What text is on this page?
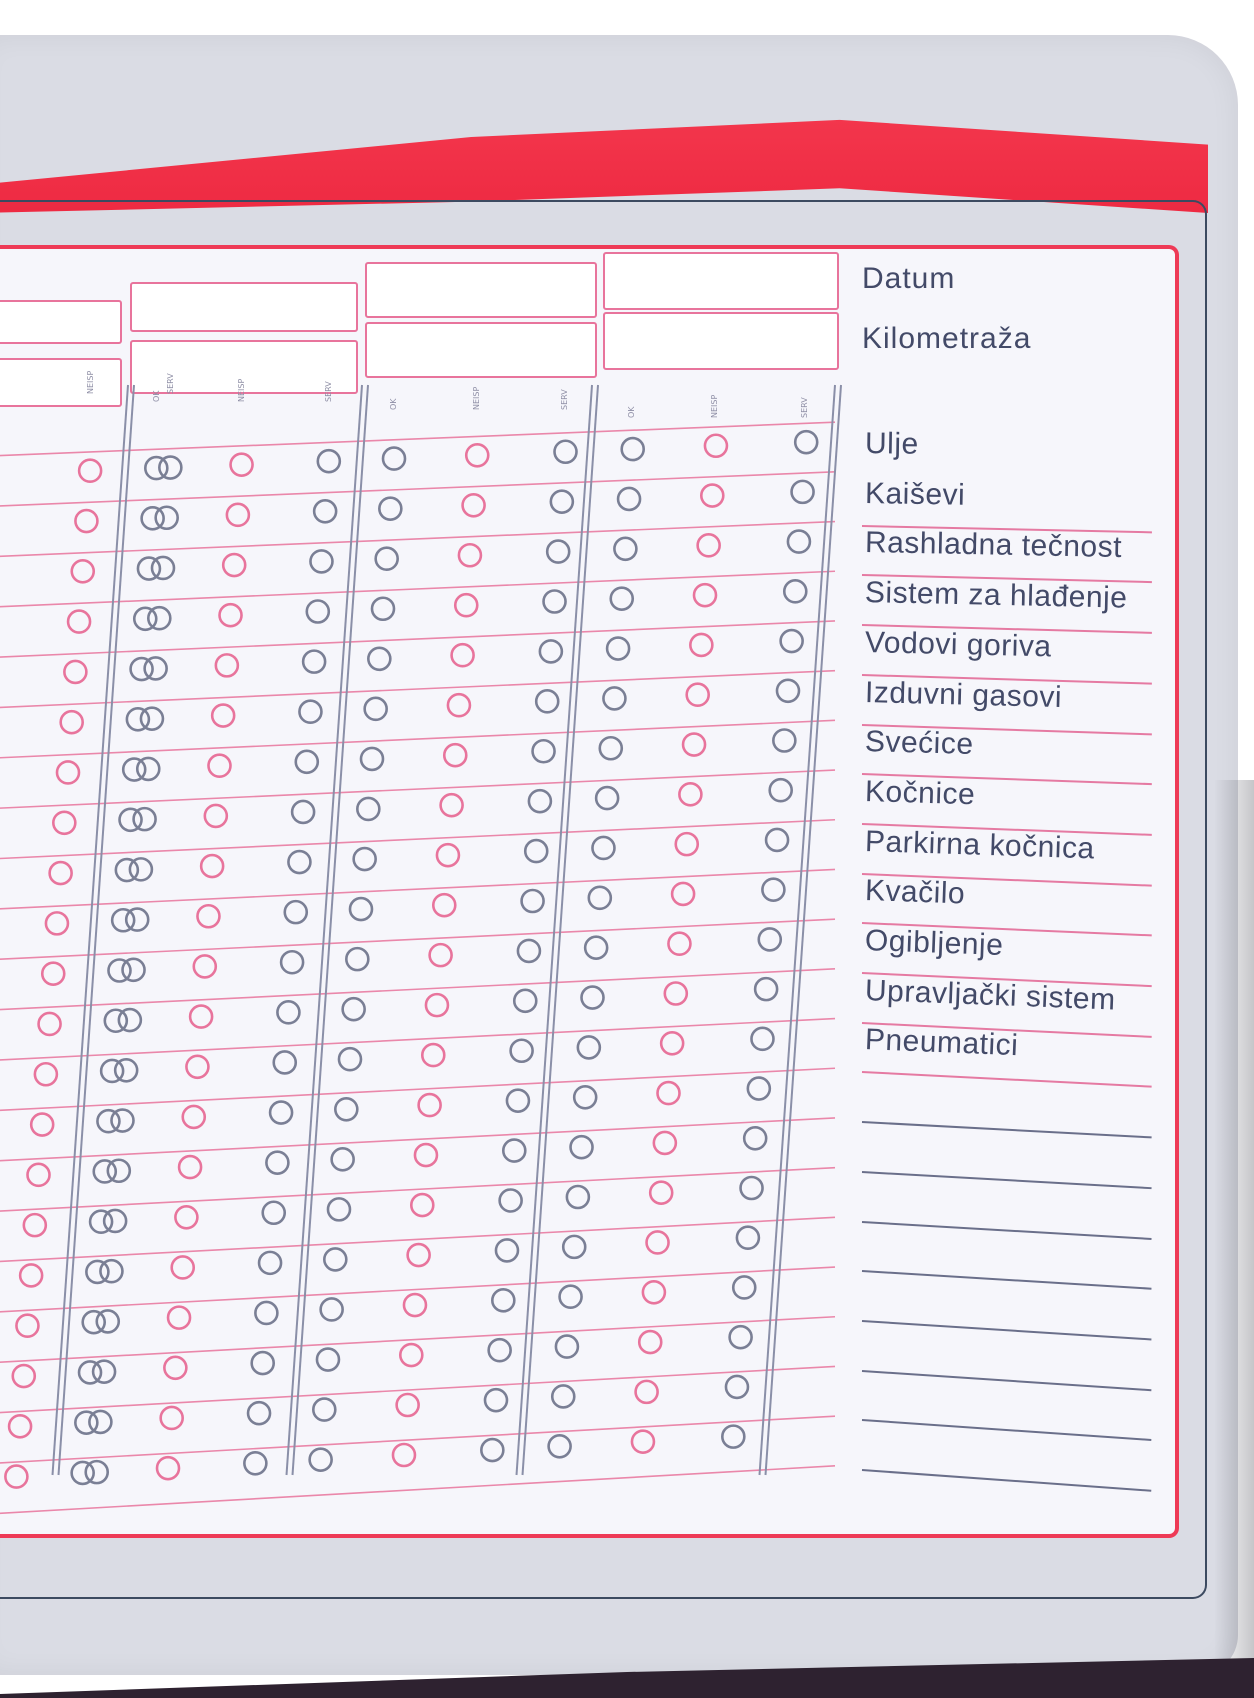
Datum
Kilometraža
NEISP	SERV
OK	NEISP	SERV
OK	NEISP	SERV
OK	NEISP	SERV
Ulje
Kaiševi
Rashladna tečnost
Sistem za hlađenje
Vodovi goriva
Izduvni gasovi
Svećice
Kočnice
Parkirna kočnica
Kvačilo
Ogibljenje
Upravljački sistem
Pneumatici
